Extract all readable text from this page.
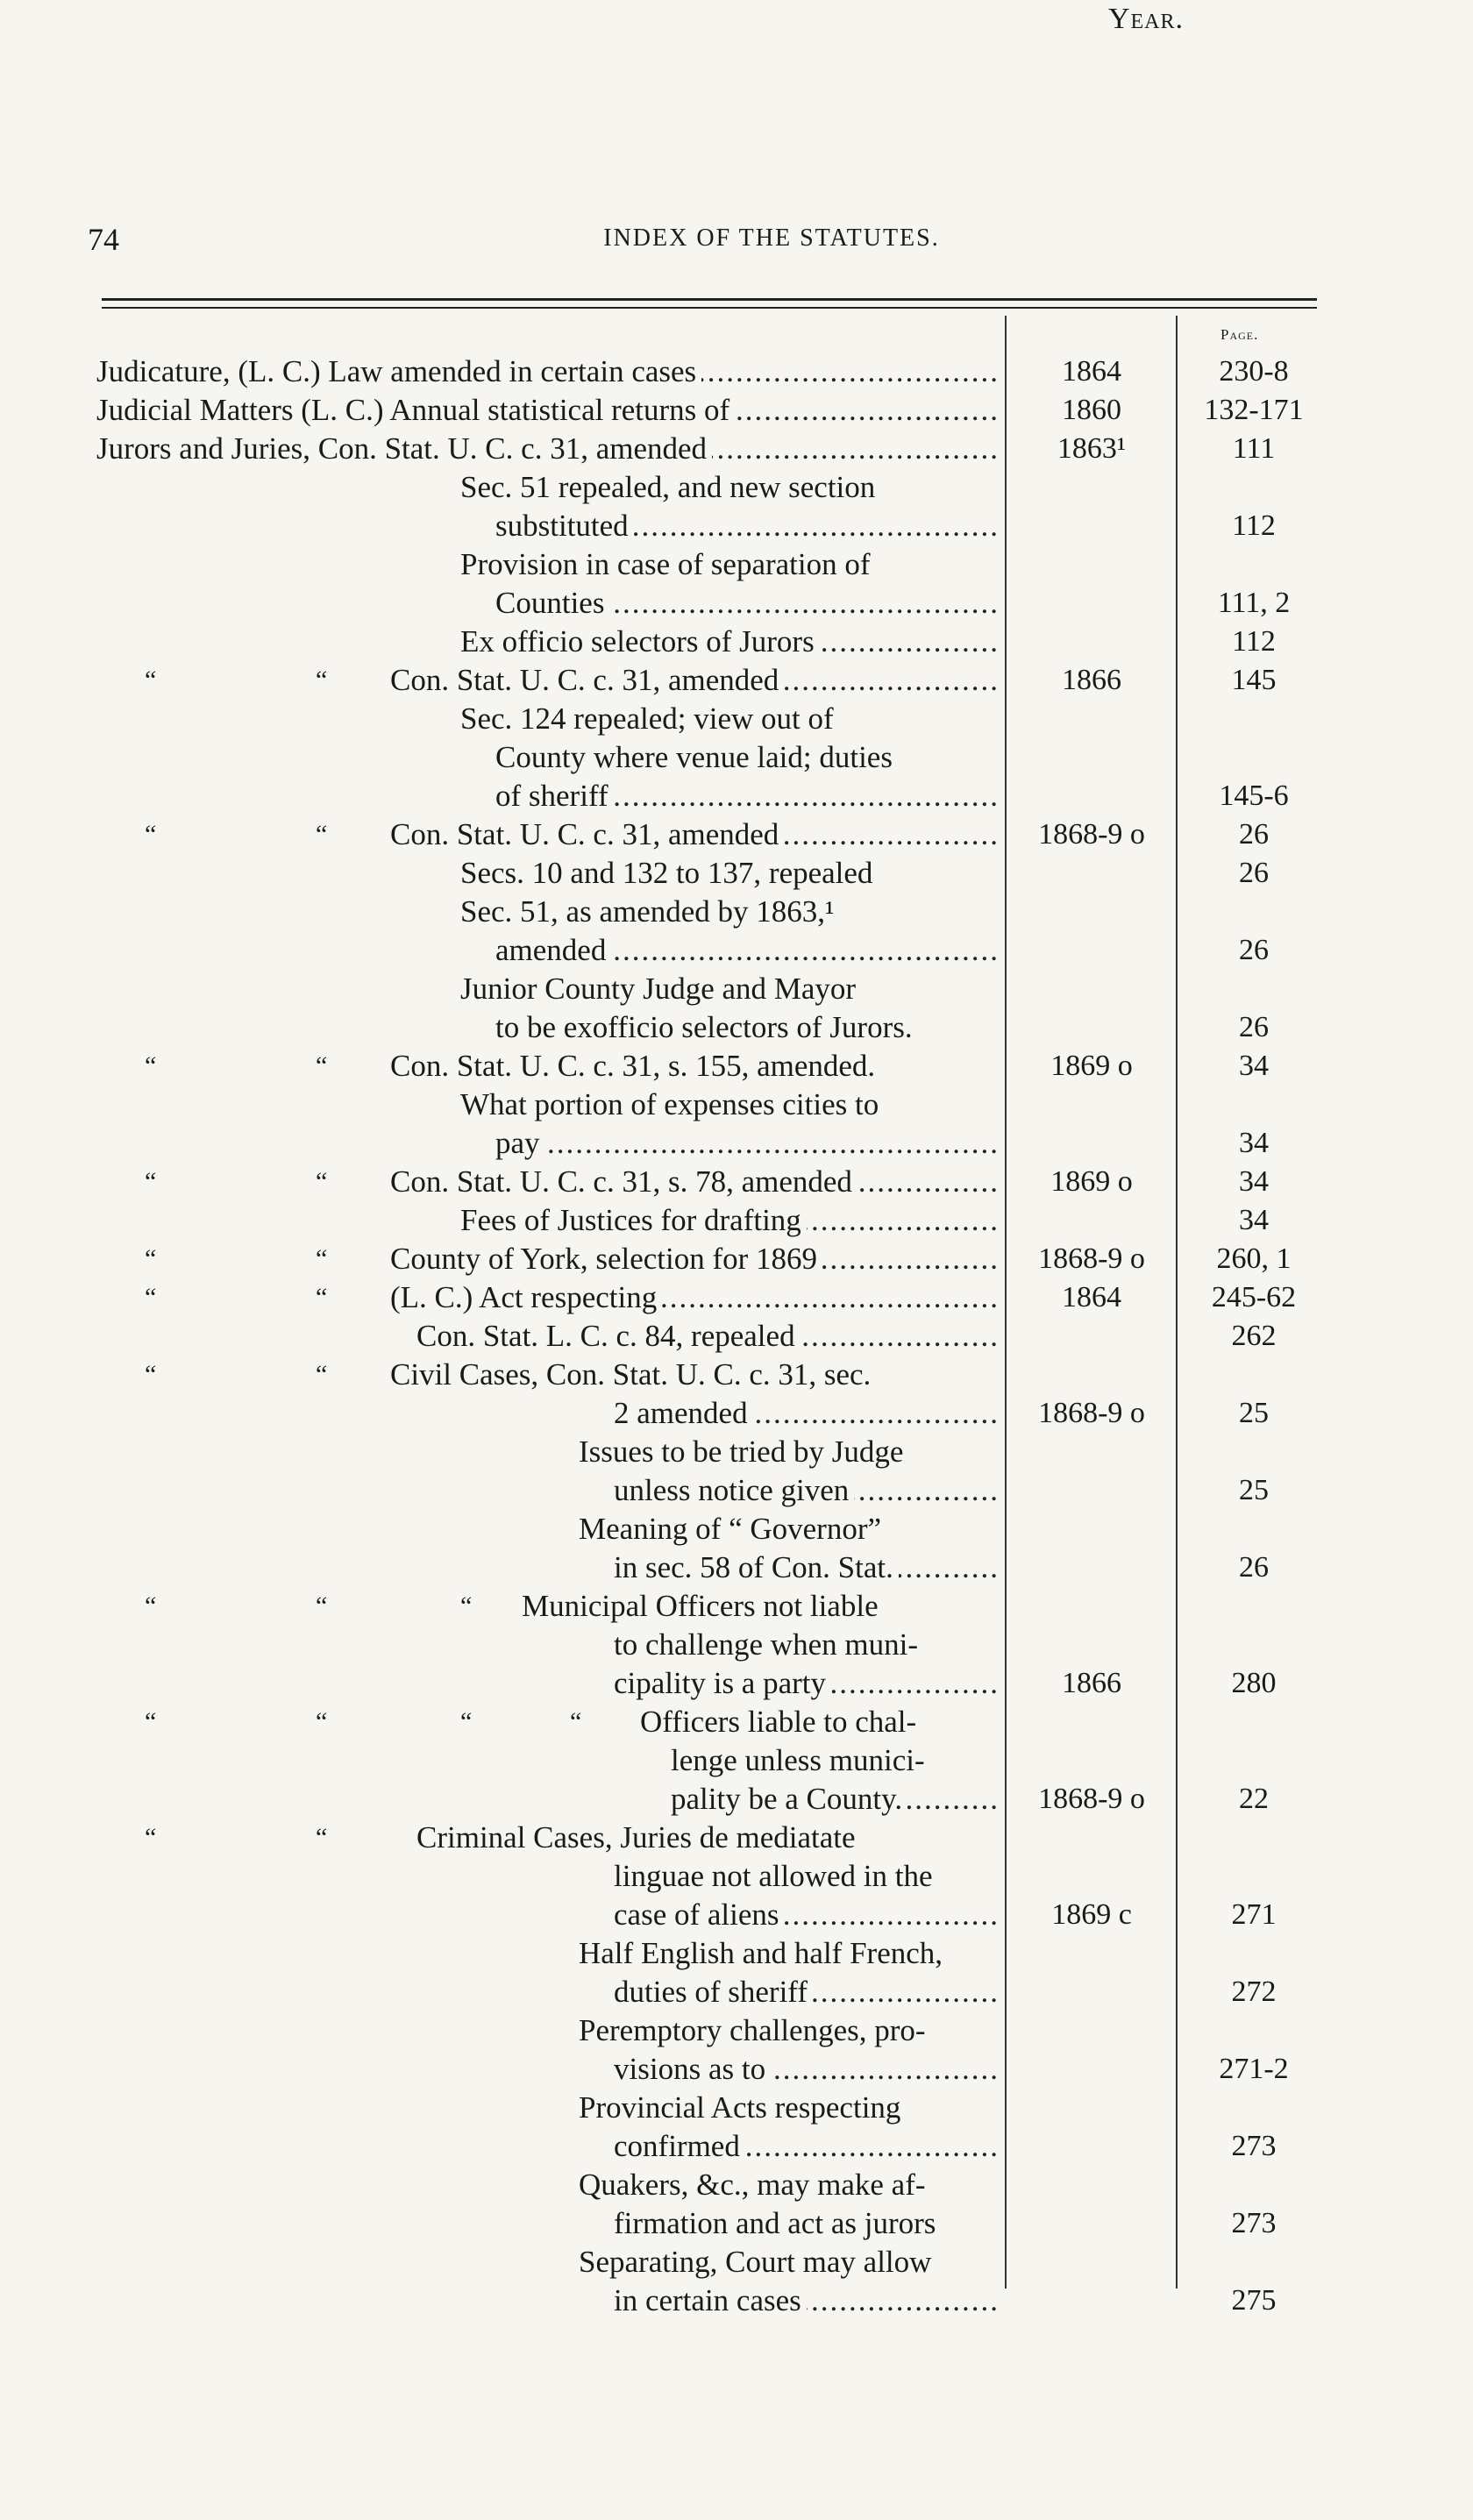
74	INDEX OF THE STATUTES.
Year.
Page.
Judicature, (L. C.) Law amended in certain cases .....	1864	230-8
Judicial Matters (L. C.) Annual statistical returns of .....	1860	132-171
Jurors and Juries, Con. Stat. U. C. c. 31, amended .....	1863¹	111
Sec. 51 repealed, and new section
substituted .....	112
Provision in case of separation of
Counties .....	111, 2
Ex officio selectors of Jurors .....	112
“	“ Con. Stat. U. C. c. 31, amended .....	1866	145
Sec. 124 repealed; view out of
County where venue laid; duties
of sheriff .....	145-6
“	“ Con. Stat. U. C. c. 31, amended .....	1868-9 o	26
Secs. 10 and 132 to 137, repealed	26
Sec. 51, as amended by 1863,¹
amended .....	26
Junior County Judge and Mayor
to be exofficio selectors of Jurors.	26
“	“ Con. Stat. U. C. c. 31, s. 155, amended.	1869 o	34
What portion of expenses cities to
pay .....	34
“	“ Con. Stat. U. C. c. 31, s. 78, amended .....	1869 o	34
Fees of Justices for drafting .....	34
“	“ County of York, selection for 1869 .....	1868-9 o	260, 1
“	“ (L. C.) Act respecting .....	1864	245-62
Con. Stat. L. C. c. 84, repealed .....	262
“	“ Civil Cases, Con. Stat. U. C. c. 31, sec.
2 amended .....	1868-9 o	25
Issues to be tried by Judge
unless notice given .....	25
Meaning of “ Governor”
in sec. 58 of Con. Stat. .....	26
“	“	“ Municipal Officers not liable
to challenge when muni-
cipality is a party .....	1866	280
“	“	“	“ Officers liable to chal-
lenge unless munici-
pality be a County. .....	1868-9 o	22
“	“	Criminal Cases, Juries de mediatate
linguae not allowed in the
case of aliens .....	1869 c	271
Half English and half French,
duties of sheriff .....	272
Peremptory challenges, pro-
visions as to .....	271-2
Provincial Acts respecting
confirmed .....	273
Quakers, &c., may make af-
firmation and act as jurors	273
Separating, Court may allow
in certain cases .....	275
